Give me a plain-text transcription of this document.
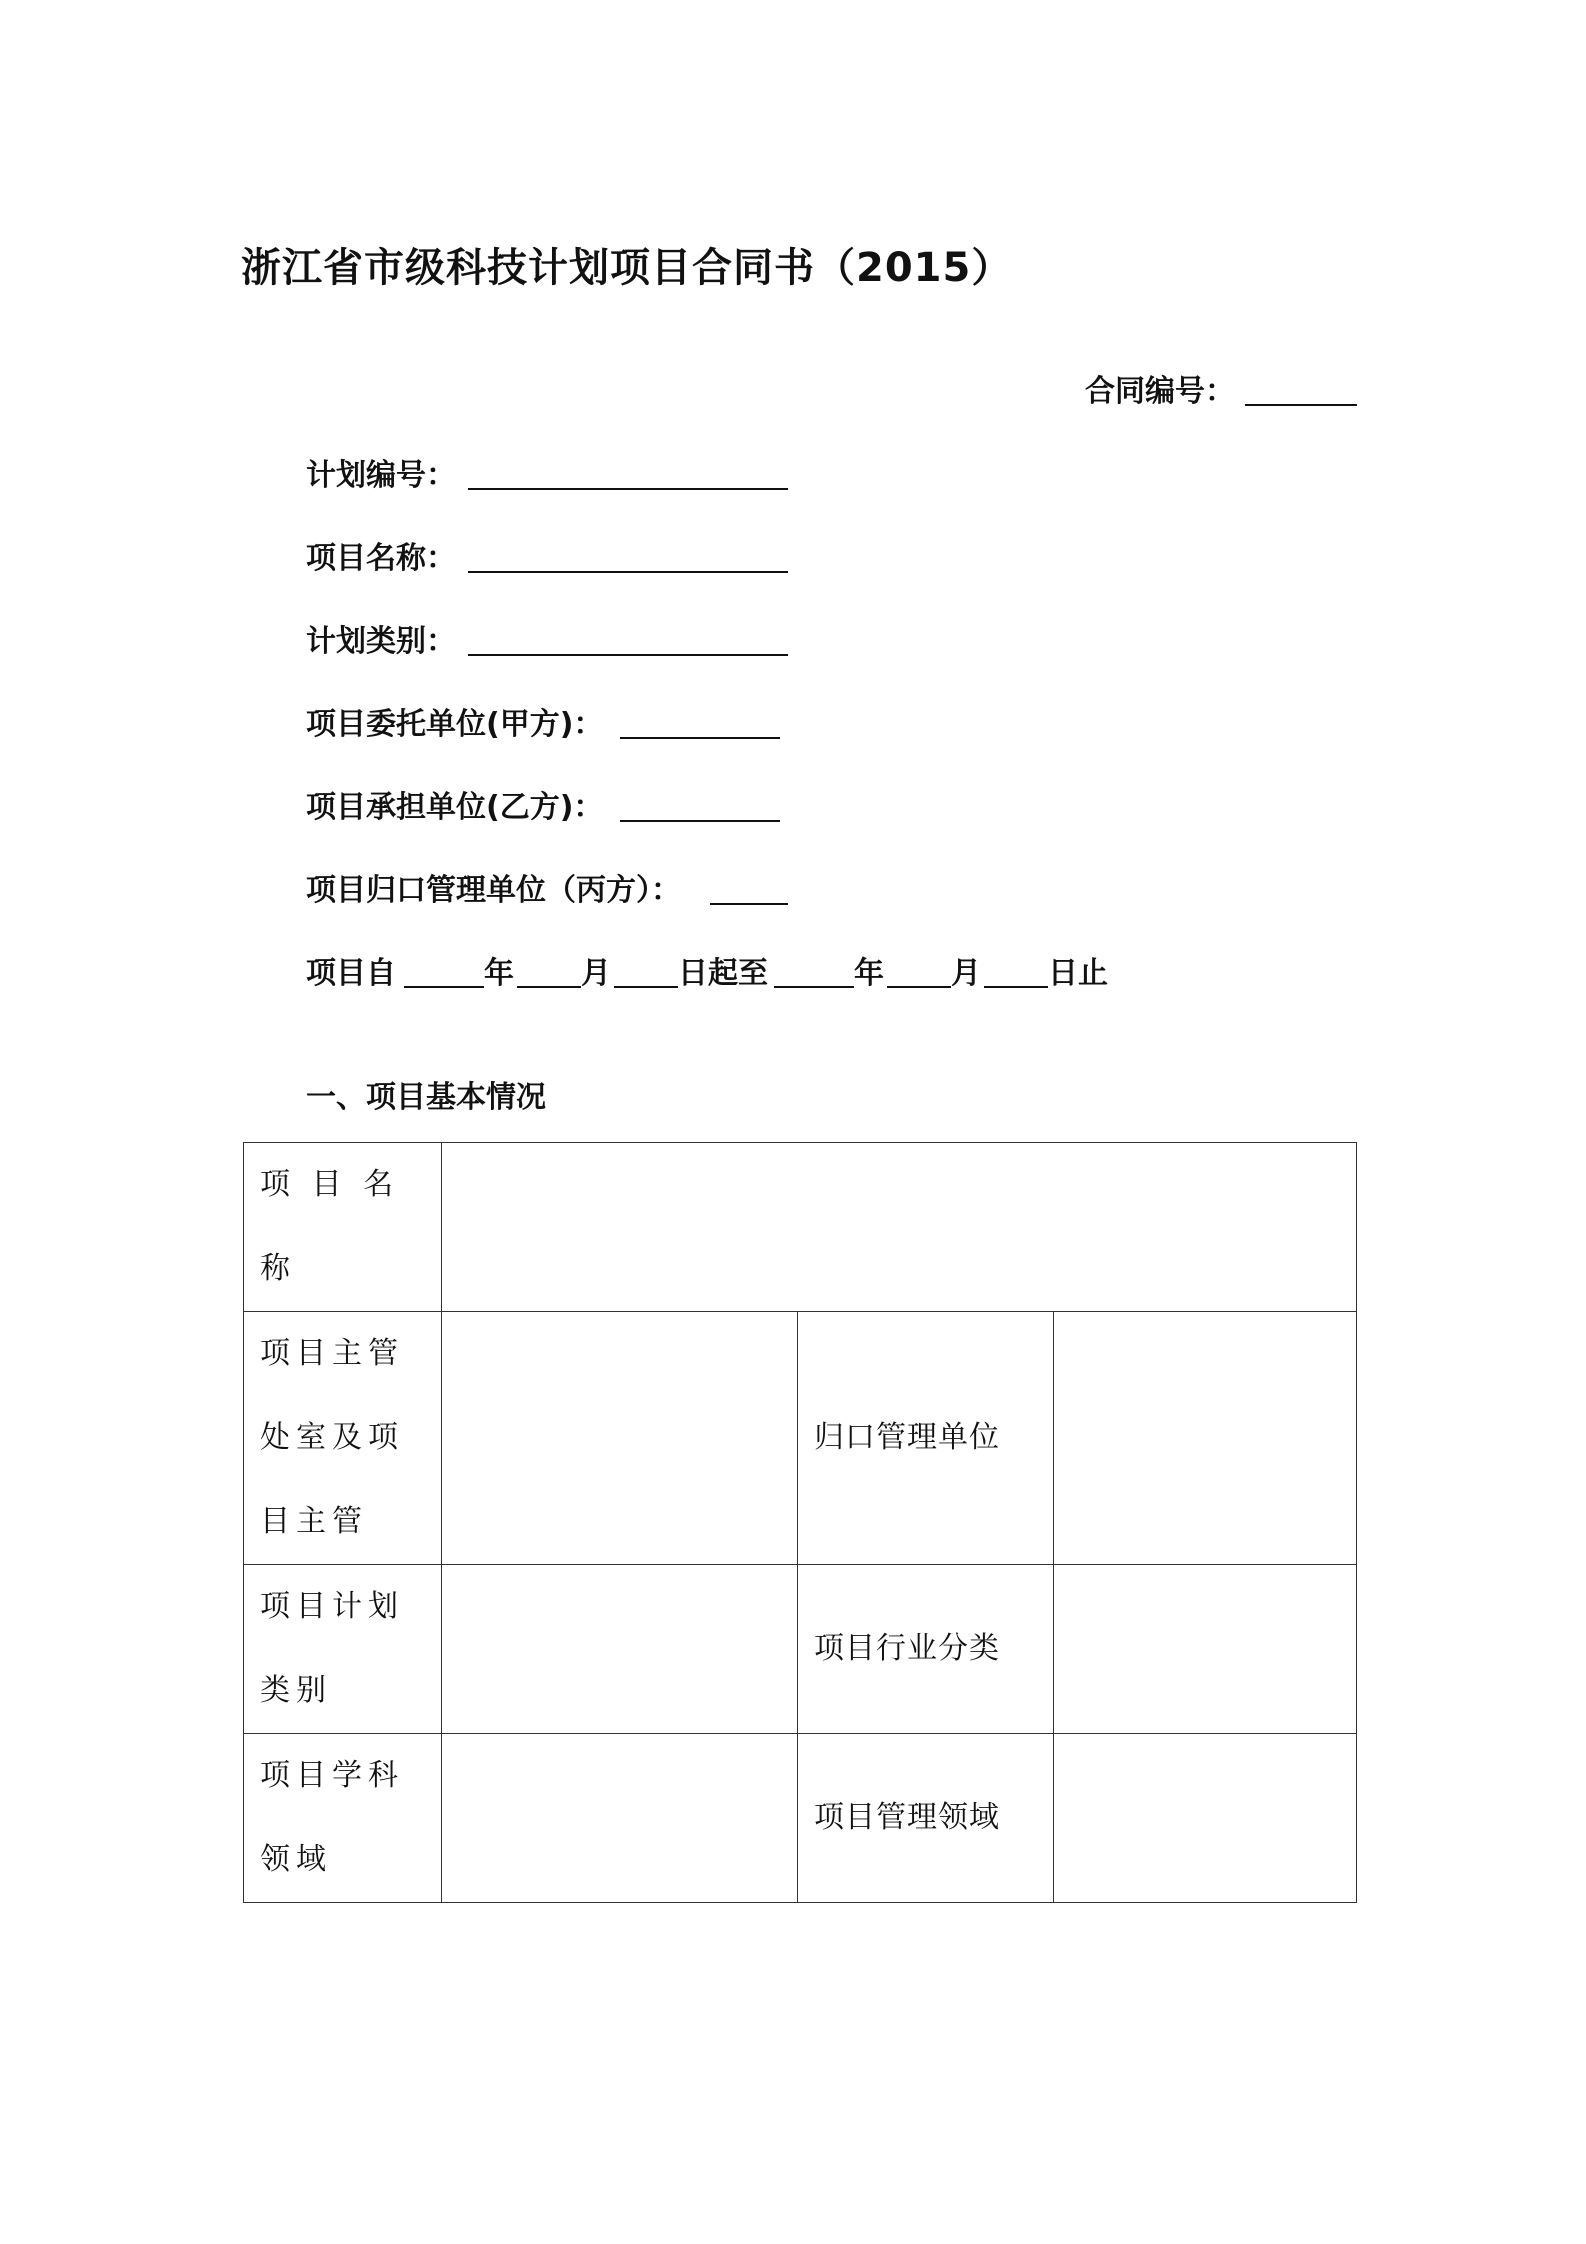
浙江省市级科技计划项目合同书（2015）
合同编号：
计划编号：
项目名称：
计划类别：
项目委托单位(甲方)：
项目承担单位(乙方)：
项目归口管理单位（丙方）：
项目自	年 月 日起至	年 月 日止
一、项目基本情况
项 目 名称			

项目主管处室及项目主管		归口管理单位	

项目计划类别		项目行业分类	

项目学科领域		项目管理领域	
